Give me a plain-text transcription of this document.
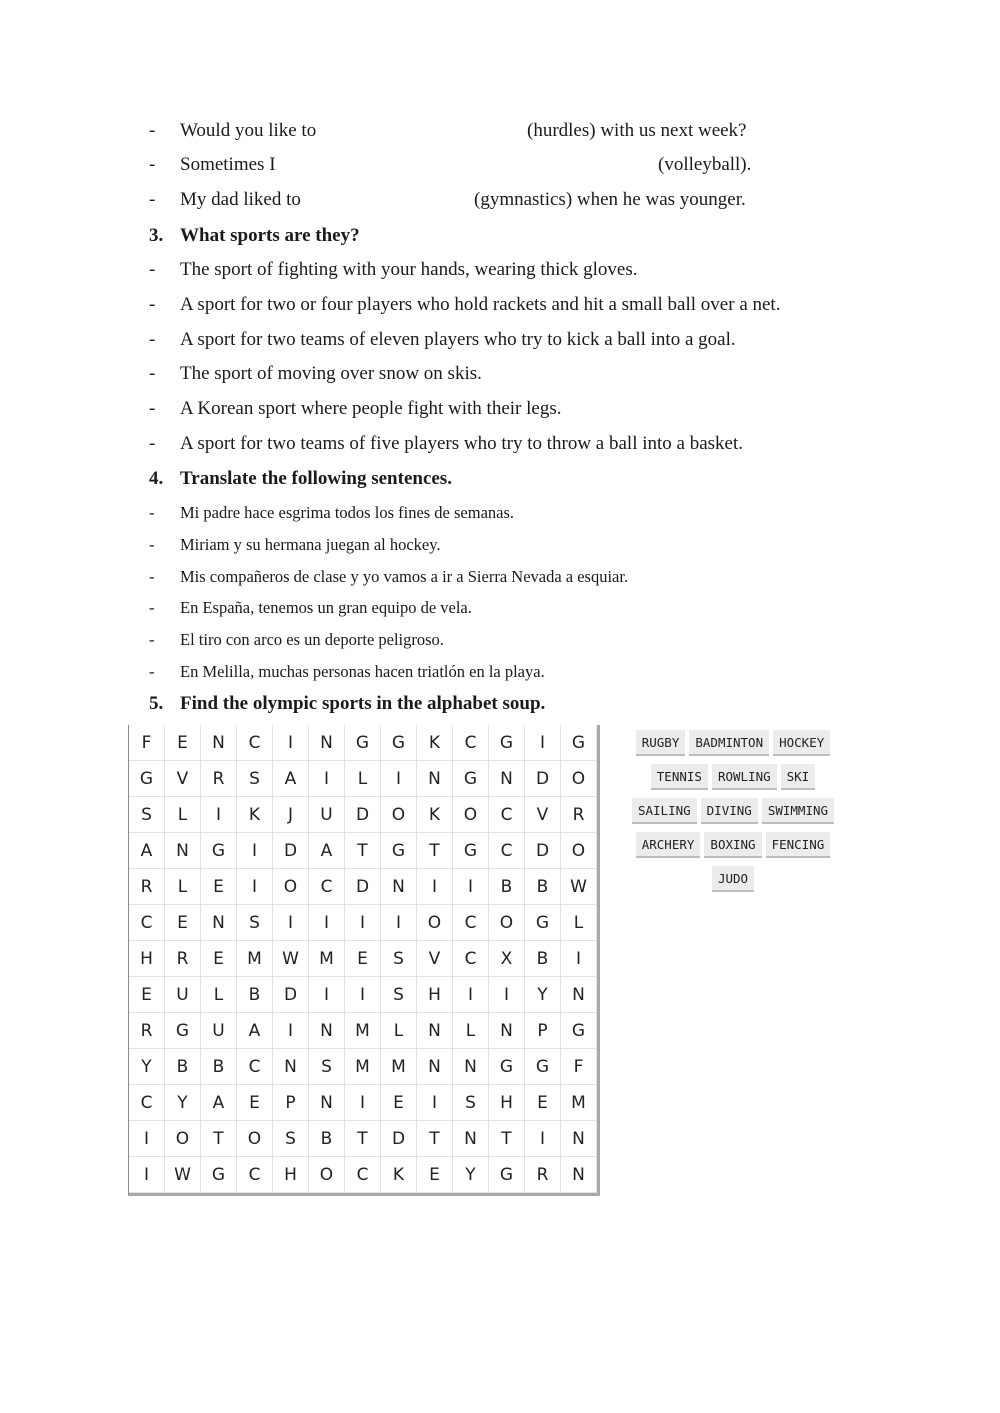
- Would you like to	(hurdles) with us next week?
- Sometimes I	(volleyball).
- My dad liked to	(gymnastics) when he was younger.
3. What sports are they?
- The sport of fighting with your hands, wearing thick gloves.
- A sport for two or four players who hold rackets and hit a small ball over a net.
- A sport for two teams of eleven players who try to kick a ball into a goal.
- The sport of moving over snow on skis.
- A Korean sport where people fight with their legs.
- A sport for two teams of five players who try to throw a ball into a basket.
4. Translate the following sentences.
- Mi padre hace esgrima todos los fines de semanas.
- Miriam y su hermana juegan al hockey.
- Mis compañeros de clase y yo vamos a ir a Sierra Nevada a esquiar.
- En España, tenemos un gran equipo de vela.
- El tiro con arco es un deporte peligroso.
- En Melilla, muchas personas hacen triatlón en la playa.
5. Find the olympic sports in the alphabet soup.
F	E	N	C	I	N	G	G	K	C	G	I	G
G	V	R	S	A	I	L	I	N	G	N	D	O
S	L	I	K	J	U	D	O	K	O	C	V	R
A	N	G	I	D	A	T	G	T	G	C	D	O
R	L	E	I	O	C	D	N	I	I	B	B	W
C	E	N	S	I	I	I	I	O	C	O	G	L
H	R	E	M	W	M	E	S	V	C	X	B	I
E	U	L	B	D	I	I	S	H	I	I	Y	N
R	G	U	A	I	N	M	L	N	L	N	P	G
Y	B	B	C	N	S	M	M	N	N	G	G	F
C	Y	A	E	P	N	I	E	I	S	H	E	M
I	O	T	O	S	B	T	D	T	N	T	I	N
I	W	G	C	H	O	C	K	E	Y	G	R	N
RUGBY	BADMINTON	HOCKEY
TENNIS	ROWLING	SKI
SAILING	DIVING	SWIMMING
ARCHERY	BOXING	FENCING
JUDO
